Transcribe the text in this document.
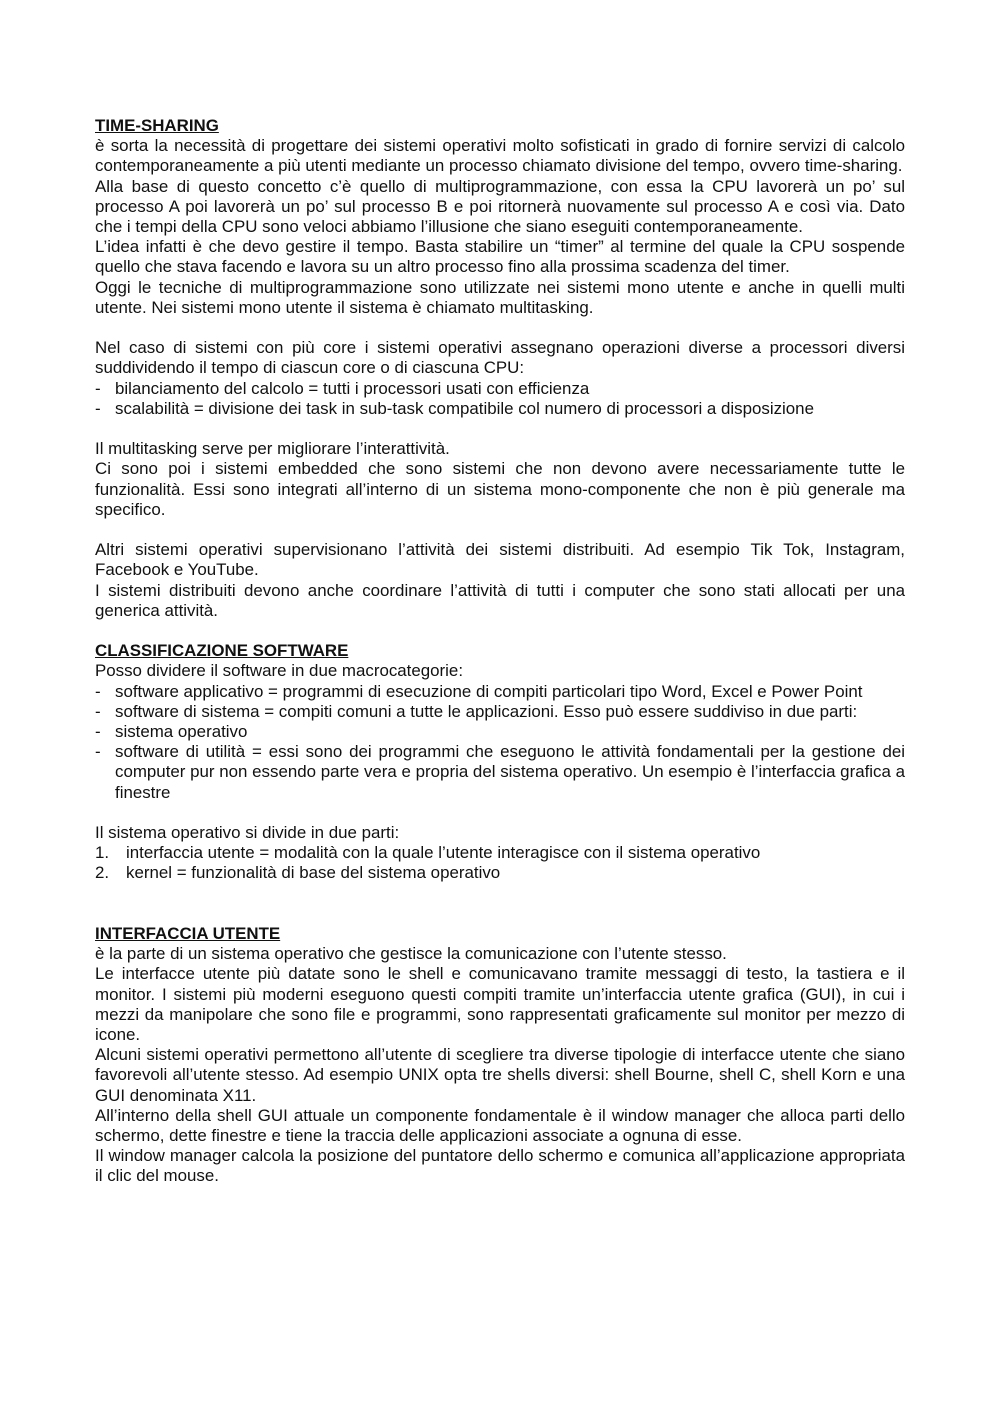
TIME-SHARING

è sorta la necessità di progettare dei sistemi operativi molto sofisticati in grado di fornire servizi di calcolo contemporaneamente a più utenti mediante un processo chiamato divisione del tempo, ovvero time-sharing.

Alla base di questo concetto c’è quello di multiprogrammazione, con essa la CPU lavorerà un po’ sul processo A poi lavorerà un po’ sul processo B e poi ritornerà nuovamente sul processo A e così via. Dato che i tempi della CPU sono veloci abbiamo l’illusione che siano eseguiti contemporaneamente.

L’idea infatti è che devo gestire il tempo. Basta stabilire un “timer” al termine del quale la CPU sospende quello che stava facendo e lavora su un altro processo fino alla prossima scadenza del timer.

Oggi le tecniche di multiprogrammazione sono utilizzate nei sistemi mono utente e anche in quelli multi utente. Nei sistemi mono utente il sistema è chiamato multitasking.

Nel caso di sistemi con più core i sistemi operativi assegnano operazioni diverse a processori diversi suddividendo il tempo di ciascun core o di ciascuna CPU:

- bilanciamento del calcolo = tutti i processori usati con efficienza
- scalabilità = divisione dei task in sub-task compatibile col numero di processori a disposizione

Il multitasking serve per migliorare l’interattività.

Ci sono poi i sistemi embedded che sono sistemi che non devono avere necessariamente tutte le funzionalità. Essi sono integrati all’interno di un sistema mono-componente che non è più generale ma specifico.

Altri sistemi operativi supervisionano l’attività dei sistemi distribuiti. Ad esempio Tik Tok, Instagram, Facebook e YouTube.

I sistemi distribuiti devono anche coordinare l’attività di tutti i computer che sono stati allocati per una generica attività.

CLASSIFICAZIONE SOFTWARE

Posso dividere il software in due macrocategorie:

- software applicativo = programmi di esecuzione di compiti particolari tipo Word, Excel e Power Point
- software di sistema = compiti comuni a tutte le applicazioni. Esso può essere suddiviso in due parti:
- sistema operativo
- software di utilità = essi sono dei programmi che eseguono le attività fondamentali per la gestione dei computer pur non essendo parte vera e propria del sistema operativo. Un esempio è l’interfaccia grafica a finestre

Il sistema operativo si divide in due parti:

1. interfaccia utente = modalità con la quale l’utente interagisce con il sistema operativo
2. kernel = funzionalità di base del sistema operativo
INTERFACCIA UTENTE

è la parte di un sistema operativo che gestisce la comunicazione con l’utente stesso.

Le interfacce utente più datate sono le shell e comunicavano tramite messaggi di testo, la tastiera e il monitor. I sistemi più moderni eseguono questi compiti tramite un’interfaccia utente grafica (GUI), in cui i mezzi da manipolare che sono file e programmi, sono rappresentati graficamente sul monitor per mezzo di icone.

Alcuni sistemi operativi permettono all’utente di scegliere tra diverse tipologie di interfacce utente che siano favorevoli all’utente stesso. Ad esempio UNIX opta tre shells diversi: shell Bourne, shell C, shell Korn e una GUI denominata X11.

All’interno della shell GUI attuale un componente fondamentale è il window manager che alloca parti dello schermo, dette finestre e tiene la traccia delle applicazioni associate a ognuna di esse.

Il window manager calcola la posizione del puntatore dello schermo e comunica all’applicazione appropriata il clic del mouse.
